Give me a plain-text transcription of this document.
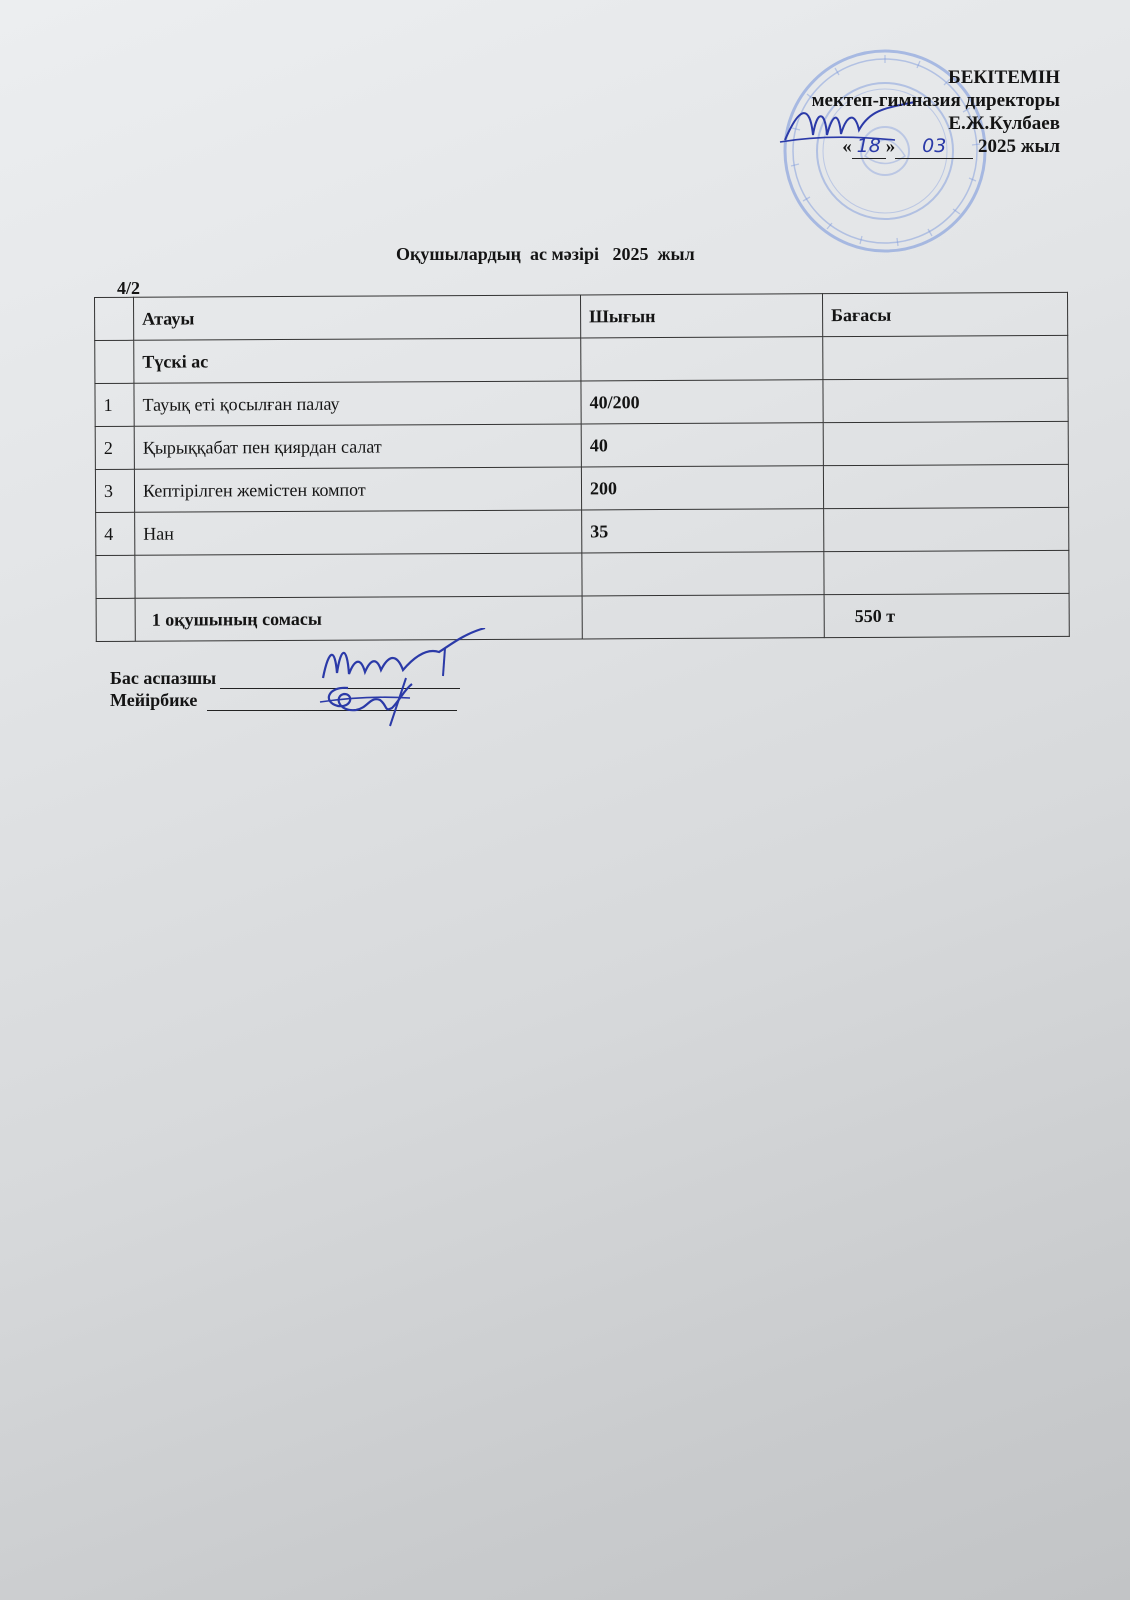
БЕКІТЕМІН
мектеп-гимназия директоры
Е.Ж.Кулбаев
« 18 » 03 2025 жыл
Оқушылардың  ас мәзірі   2025  жыл
4/2
	Атауы	Шығын	Бағасы
	Түскі ас		
1	Тауық еті қосылған палау	40/200	
2	Қырыққабат пен қиярдан салат	40	
3	Кептірілген жемістен компот	200	
4	Нан	35	

	1 оқушының сомасы		550 т
Бас аспазшы
Мейірбике
